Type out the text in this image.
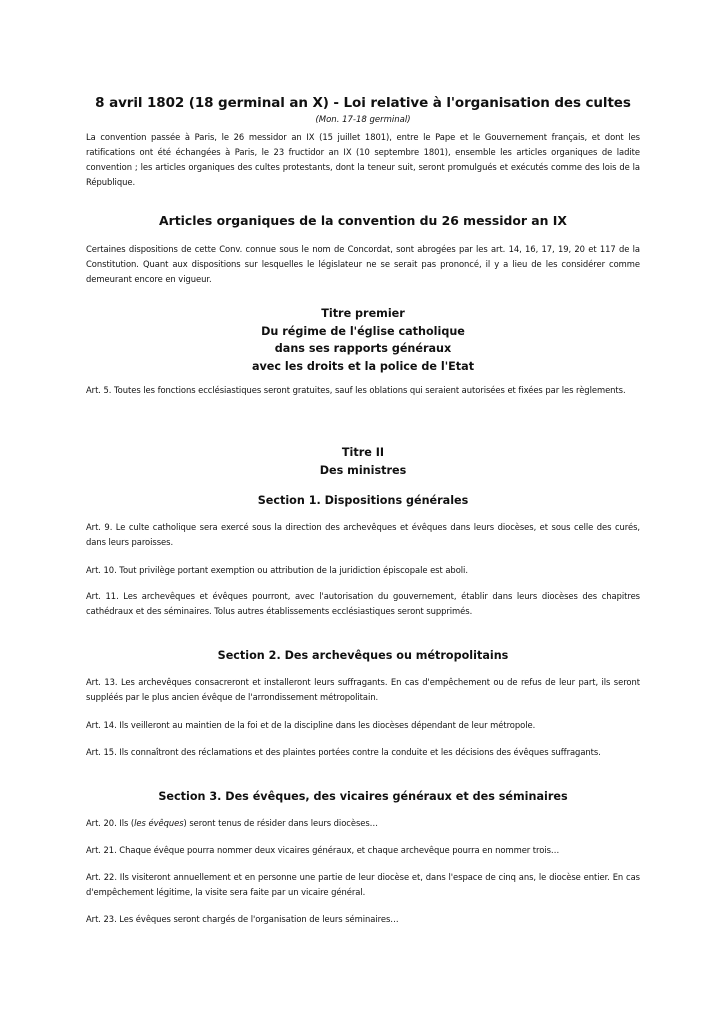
8 avril 1802 (18 germinal an X) - Loi relative à l'organisation des cultes
(Mon. 17-18 germinal)
La convention passée à Paris, le 26 messidor an IX (15 juillet 1801), entre le Pape et le Gouvernement français, et dont les ratifications ont été échangées à Paris, le 23 fructidor an IX (10 septembre 1801), ensemble les articles organiques de ladite convention ; les articles organiques des cultes protestants, dont la teneur suit, seront promulgués et exécutés comme des lois de la République.
Articles organiques de la convention du 26 messidor an IX
Certaines dispositions de cette Conv. connue sous le nom de Concordat, sont abrogées par les art. 14, 16, 17, 19, 20 et 117 de la Constitution. Quant aux dispositions sur lesquelles le législateur ne se serait pas prononcé, il y a lieu de les considérer comme demeurant encore en vigueur.
Titre premier
Du régime de l'église catholique
dans ses rapports généraux
avec les droits et la police de l'Etat
Art. 5. Toutes les fonctions ecclésiastiques seront gratuites, sauf les oblations qui seraient autorisées et fixées par les règlements.
Titre II
Des ministres
Section 1. Dispositions générales
Art. 9. Le culte catholique sera exercé sous la direction des archevêques et évêques dans leurs diocèses, et sous celle des curés, dans leurs paroisses.
Art. 10. Tout privilège portant exemption ou attribution de la juridiction épiscopale est aboli.
Art. 11. Les archevêques et évêques pourront, avec l'autorisation du gouvernement, établir dans leurs diocèses des chapitres cathédraux et des séminaires. Tolus autres établissements ecclésiastiques seront supprimés.
Section 2. Des archevêques ou métropolitains
Art. 13. Les archevêques consacreront et installeront leurs suffragants. En cas d'empêchement ou de refus de leur part, ils seront suppléés par le plus ancien évêque de l'arrondissement métropolitain.
Art. 14. Ils veilleront au maintien de la foi et de la discipline dans les diocèses dépendant de leur métropole.
Art. 15. Ils connaîtront des réclamations et des plaintes portées contre la conduite et les décisions des évêques suffragants.
Section 3. Des évêques, des vicaires généraux et des séminaires
Art. 20. Ils (les évêques) seront tenus de résider dans leurs diocèses…
Art. 21. Chaque évêque pourra nommer deux vicaires généraux, et chaque archevêque pourra en nommer trois…
Art. 22. Ils visiteront annuellement et en personne une partie de leur diocèse et, dans l'espace de cinq ans, le diocèse entier. En cas d'empêchement légitime, la visite sera faite par un vicaire général.
Art. 23. Les évêques seront chargés de l'organisation de leurs séminaires…
